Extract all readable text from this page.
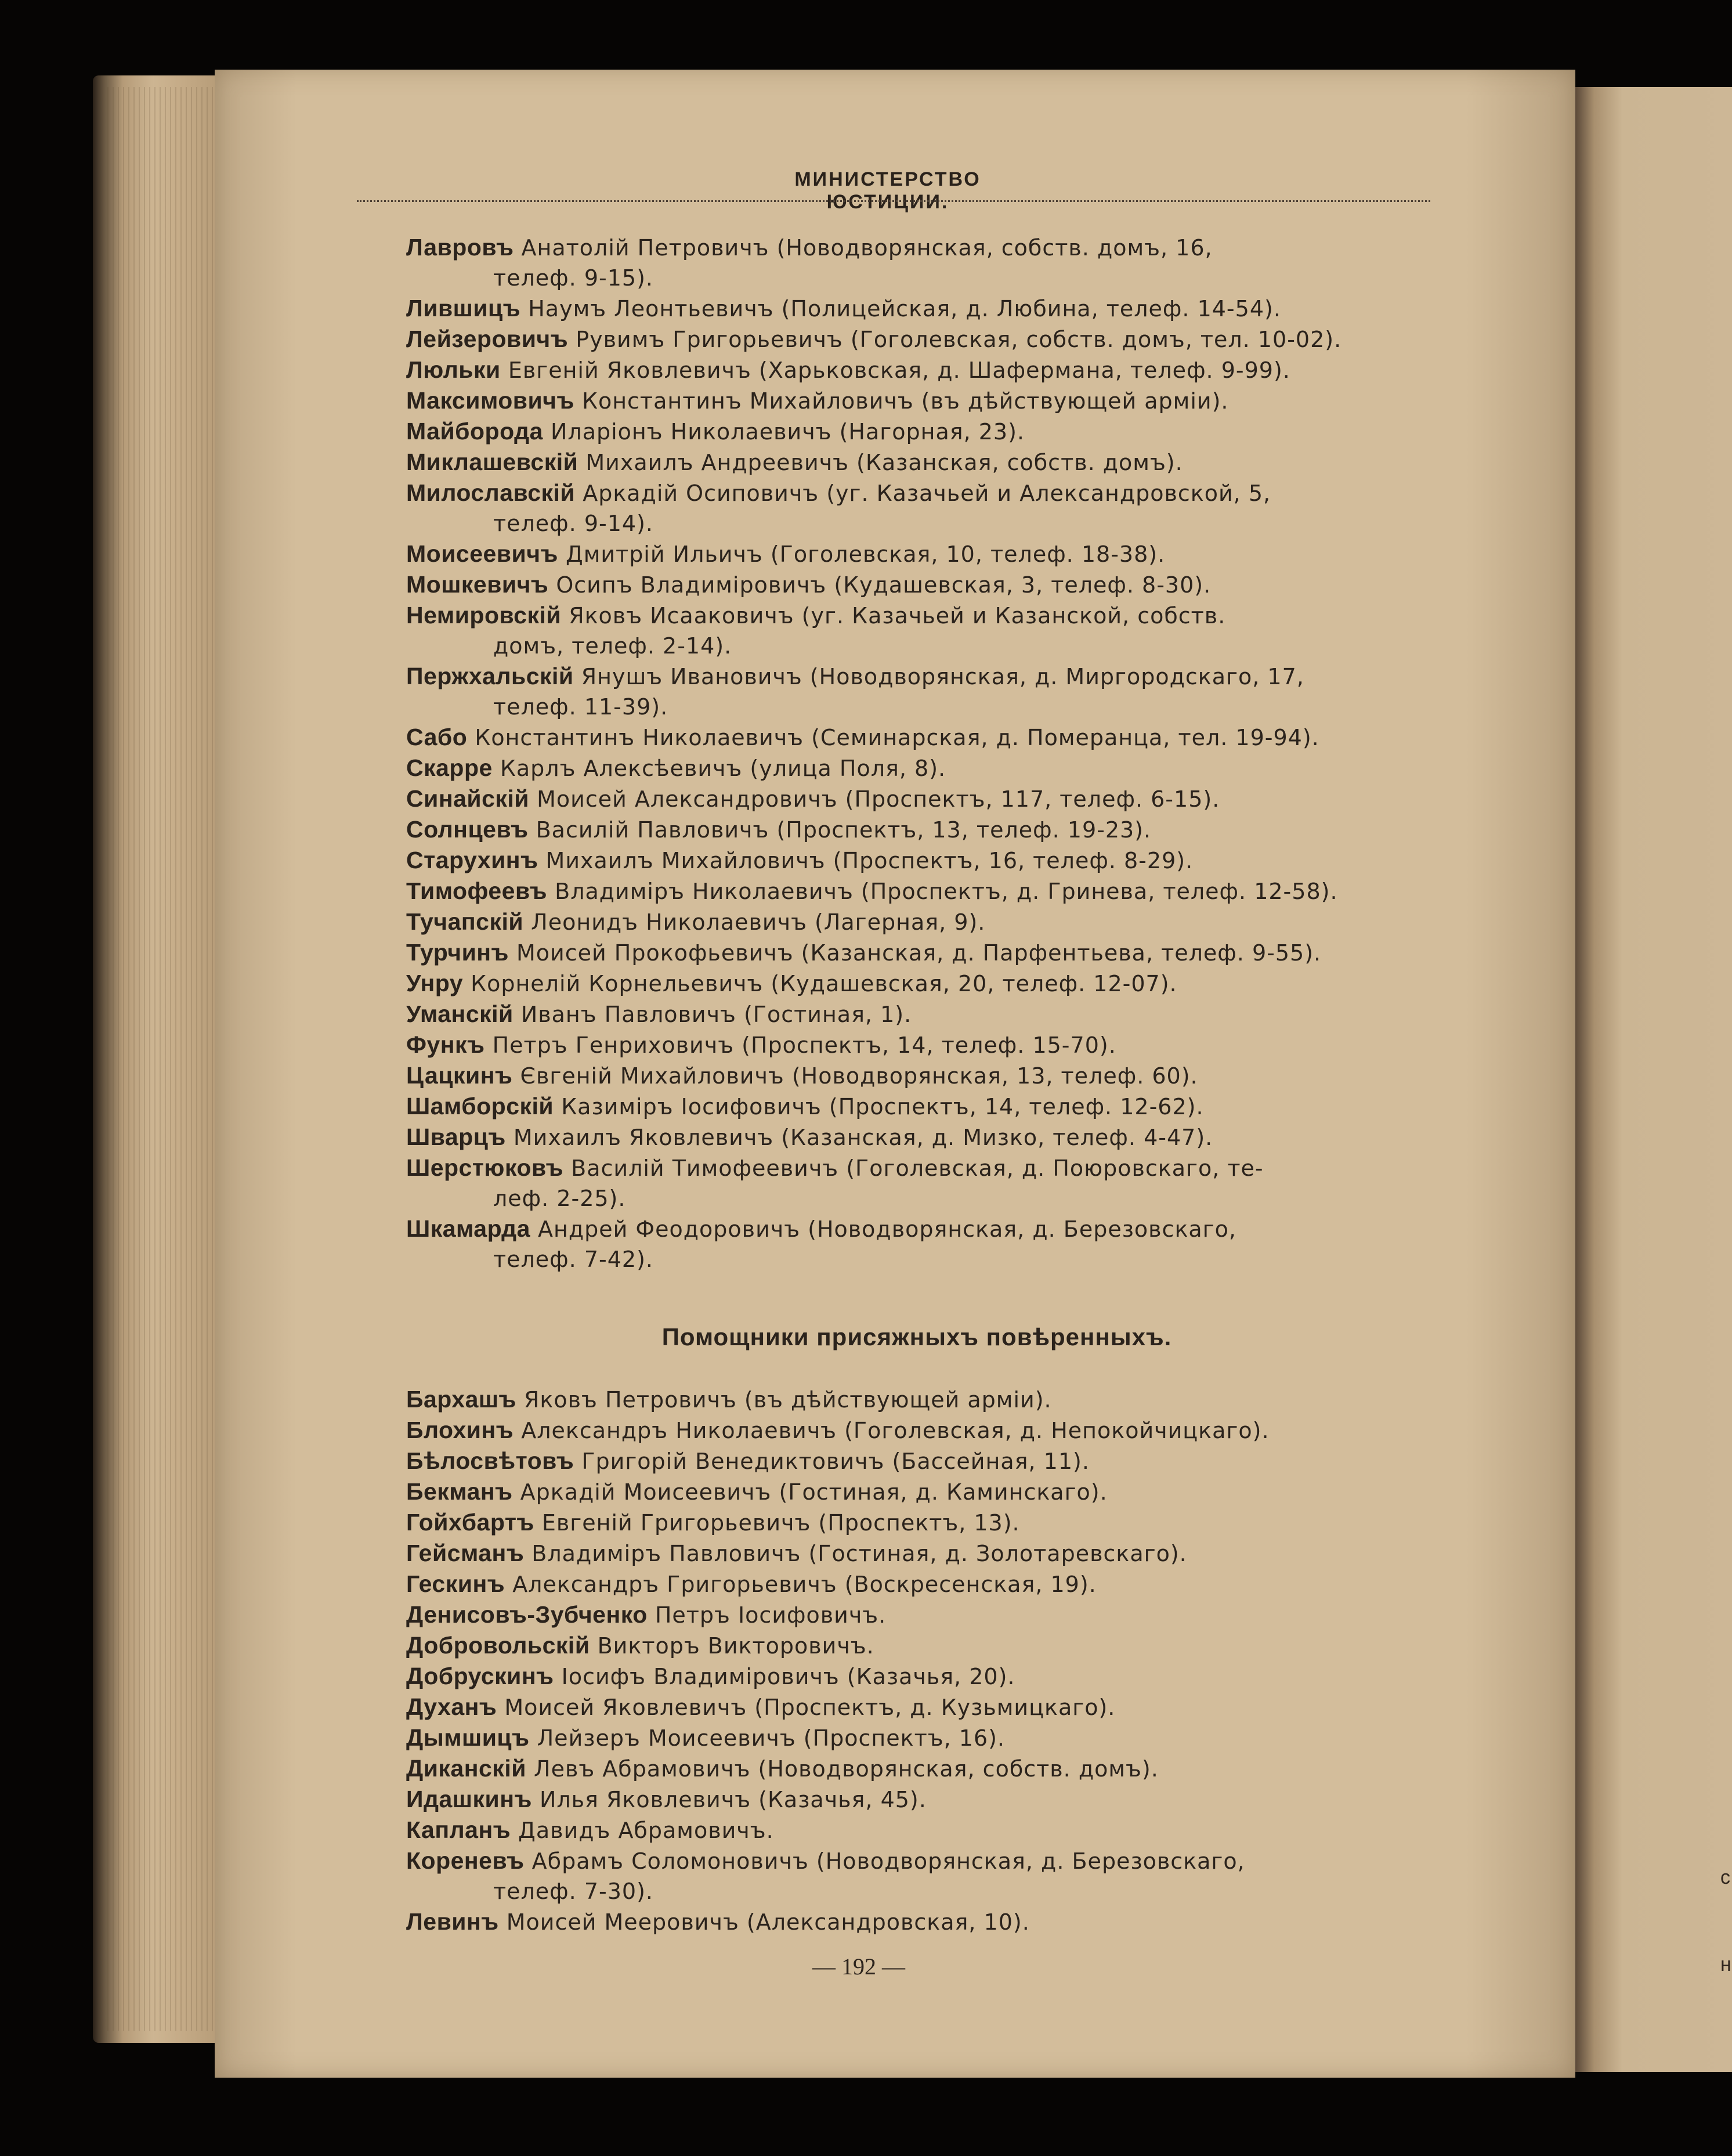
с
н
МИНИСТЕРСТВО ЮСТИЦИИ.

Лавровъ Анатолій Петровичъ (Новодворянская, собств. домъ, 16,
телеф. 9-15).

Лившицъ Наумъ Леонтьевичъ (Полицейская, д. Любина, телеф. 14-54).

Лейзеровичъ Рувимъ Григорьевичъ (Гоголевская, собств. домъ, тел. 10-02).

Люльки Евгеній Яковлевичъ (Харьковская, д. Шафермана, телеф. 9-99).

Максимовичъ Константинъ Михайловичъ (въ дѣйствующей арміи).

Майборода Иларіонъ Николаевичъ (Нагорная, 23).

Миклашевскій Михаилъ Андреевичъ (Казанская, собств. домъ).

Милославскій Аркадій Осиповичъ (уг. Казачьей и Александровской, 5,
телеф. 9-14).

Моисеевичъ Дмитрій Ильичъ (Гоголевская, 10, телеф. 18-38).

Мошкевичъ Осипъ Владиміровичъ (Кудашевская, 3, телеф. 8-30).

Немировскій Яковъ Исааковичъ (уг. Казачьей и Казанской, собств.
домъ, телеф. 2-14).

Пержхальскій Янушъ Ивановичъ (Новодворянская, д. Миргородскаго, 17,
телеф. 11-39).

Сабо Константинъ Николаевичъ (Семинарская, д. Померанца, тел. 19-94).

Скарре Карлъ Алексѣевичъ (улица Поля, 8).

Синайскій Моисей Александровичъ (Проспектъ, 117, телеф. 6-15).

Солнцевъ Василій Павловичъ (Проспектъ, 13, телеф. 19-23).

Старухинъ Михаилъ Михайловичъ (Проспектъ, 16, телеф. 8-29).

Тимофеевъ Владиміръ Николаевичъ (Проспектъ, д. Гринева, телеф. 12-58).

Тучапскій Леонидъ Николаевичъ (Лагерная, 9).

Турчинъ Моисей Прокофьевичъ (Казанская, д. Парфентьева, телеф. 9-55).

Унру Корнелій Корнельевичъ (Кудашевская, 20, телеф. 12-07).

Уманскій Иванъ Павловичъ (Гостиная, 1).

Функъ Петръ Генриховичъ (Проспектъ, 14, телеф. 15-70).

Цацкинъ Євгеній Михайловичъ (Новодворянская, 13, телеф. 60).

Шамборскій Казиміръ Іосифовичъ (Проспектъ, 14, телеф. 12-62).

Шварцъ Михаилъ Яковлевичъ (Казанская, д. Мизко, телеф. 4-47).

Шерстюковъ Василій Тимофеевичъ (Гоголевская, д. Поюровскаго, те-
леф. 2-25).

Шкамарда Андрей Феодоровичъ (Новодворянская, д. Березовскаго,
телеф. 7-42).

Помощники присяжныхъ повѣренныхъ.

Бархашъ Яковъ Петровичъ (въ дѣйствующей арміи).

Блохинъ Александръ Николаевичъ (Гоголевская, д. Непокойчицкаго).

Бѣлосвѣтовъ Григорій Венедиктовичъ (Бассейная, 11).

Бекманъ Аркадій Моисеевичъ (Гостиная, д. Каминскаго).

Гойхбартъ Евгеній Григорьевичъ (Проспектъ, 13).

Гейсманъ Владиміръ Павловичъ (Гостиная, д. Золотаревскаго).

Гескинъ Александръ Григорьевичъ (Воскресенская, 19).

Денисовъ-Зубченко Петръ Іосифовичъ.

Добровольскій Викторъ Викторовичъ.

Добрускинъ Іосифъ Владиміровичъ (Казачья, 20).

Духанъ Моисей Яковлевичъ (Проспектъ, д. Кузьмицкаго).

Дымшицъ Лейзеръ Моисеевичъ (Проспектъ, 16).

Диканскій Левъ Абрамовичъ (Новодворянская, собств. домъ).

Идашкинъ Илья Яковлевичъ (Казачья, 45).

Капланъ Давидъ Абрамовичъ.

Кореневъ Абрамъ Соломоновичъ (Новодворянская, д. Березовскаго,
телеф. 7-30).

Левинъ Моисей Мееровичъ (Александровская, 10).

— 192 —
